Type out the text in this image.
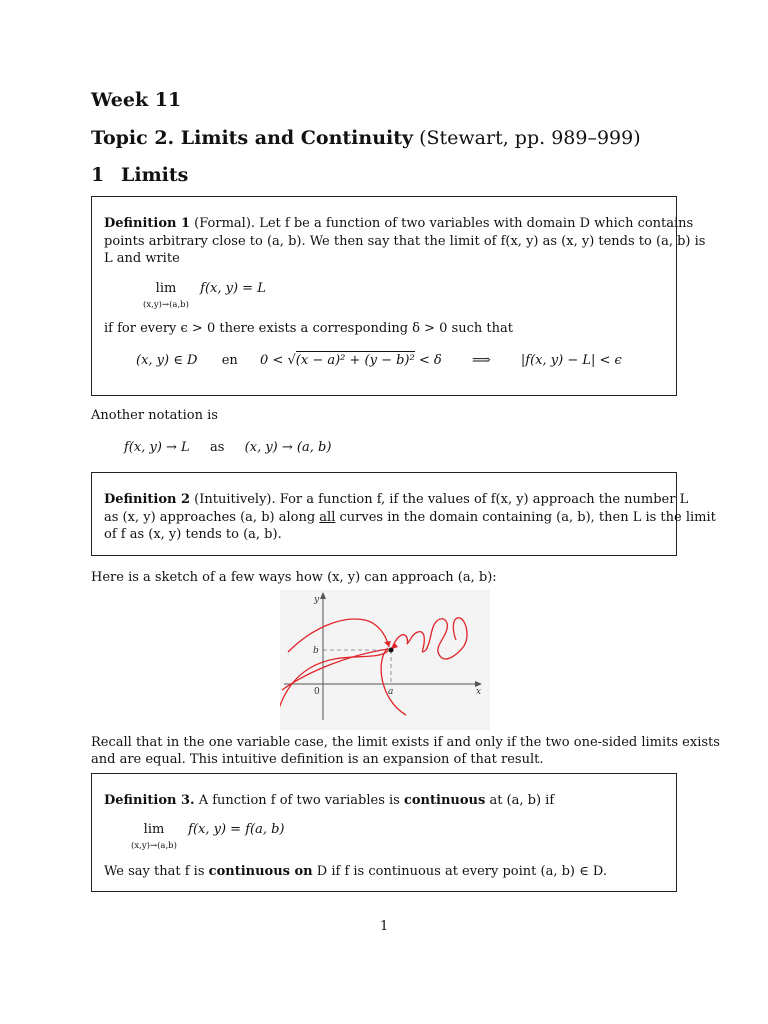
Week 11
Topic 2. Limits and Continuity (Stewart, pp. 989–999)
1 Limits
Definition 1 (Formal). Let f be a function of two variables with domain D which contains
points arbitrary close to (a, b). We then say that the limit of f(x, y) as (x, y) tends to (a, b) is
L and write
lim
(x,y)→(a,b) f(x, y) = L
if for every ϵ > 0 there exists a corresponding δ > 0 such that
(x, y) ∈ D en 0 < √(x − a)² + (y − b)² < δ ⟹ |f(x, y) − L| < ϵ
Another notation is
f(x, y) → L as (x, y) → (a, b)
Definition 2 (Intuitively). For a function f, if the values of f(x, y) approach the number L
as (x, y) approaches (a, b) along all curves in the domain containing (a, b), then L is the limit
of f as (x, y) tends to (a, b).
Here is a sketch of a few ways how (x, y) can approach (a, b):
y
x
b
a
0
Recall that in the one variable case, the limit exists if and only if the two one-sided limits exists
and are equal. This intuitive definition is an expansion of that result.
Definition 3. A function f of two variables is continuous at (a, b) if
lim
(x,y)→(a,b) f(x, y) = f(a, b)
We say that f is continuous on D if f is continuous at every point (a, b) ∈ D.
1
